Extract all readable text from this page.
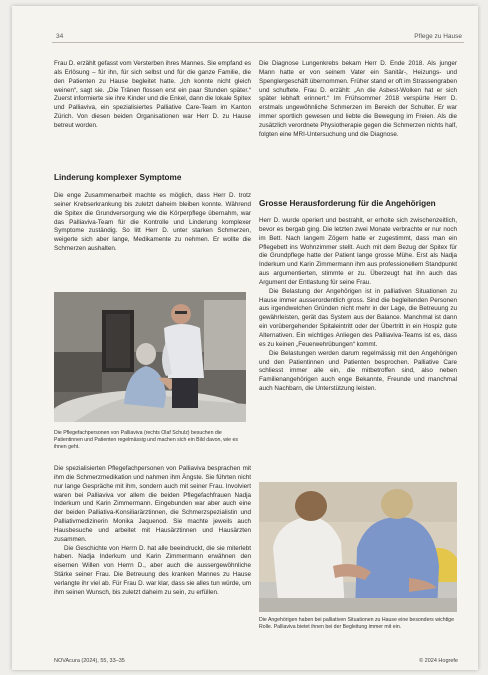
34	Pflege zu Hause

Frau D. erzählt gefasst vom Versterben ihres Mannes. Sie empfand es als Erlösung – für ihn, für sich selbst und für die ganze Familie, die den Patienten zu Hause begleitet hatte. „Ich konnte nicht gleich weinen“, sagt sie. „Die Tränen flossen erst ein paar Stunden später.“ Zuerst informierte sie ihre Kinder und die Enkel, dann die lokale Spitex und Palliaviva, ein spezialisiertes Palliative Care-Team im Kanton Zürich. Von diesen beiden Organisationen war Herr D. zu Hause betreut worden.

Linderung komplexer Symptome

Die enge Zusammenarbeit machte es möglich, dass Herr D. trotz seiner Krebserkrankung bis zuletzt daheim bleiben konnte. Während die Spitex die Grundversorgung wie die Körperpflege übernahm, war das Palliaviva-Team für die Kontrolle und Linderung komplexer Symptome zuständig. So litt Herr D. unter starken Schmerzen, weigerte sich aber lange, Medikamente zu nehmen. Er wollte die Schmerzen aushalten.

Die Pflegefachpersonen von Palliaviva (rechts Olaf Schulz) besuchen die Patientinnen und Patienten regelmässig und machen sich ein Bild davon, wie es ihnen geht.

Die spezialisierten Pflegefachpersonen von Palliaviva besprachen mit ihm die Schmerzmedikation und nahmen ihm Ängste. Sie führten nicht nur lange Gespräche mit ihm, sondern auch mit seiner Frau. Involviert waren bei Palliaviva vor allem die beiden Pflegefachfrauen Nadja Inderkum und Karin Zimmermann. Eingebunden war aber auch eine der beiden Palliativa-Konsiliarärztinnen, die Schmerzspezialistin und Palliativmedizinerin Monika Jaquenod. Sie machte jeweils auch Hausbesuche und arbeitet mit Hausärztinnen und Hausärzten zusammen.

Die Geschichte von Herrn D. hat alle beeindruckt, die sie miterlebt haben. Nadja Inderkum und Karin Zimmermann erwähnen den eisernen Willen von Herrn D., aber auch die aussergewöhnliche Stärke seiner Frau. Die Betreuung des kranken Mannes zu Hause verlangte ihr viel ab. Für Frau D. war klar, dass sie alles tun würde, um ihm seinen Wunsch, bis zuletzt daheim zu sein, zu erfüllen.

Die Diagnose Lungenkrebs bekam Herr D. Ende 2018. Als junger Mann hatte er von seinem Vater ein Sanitär-, Heizungs- und Spenglergeschäft übernommen. Früher stand er oft im Strassengraben und schuftete. Frau D. erzählt: „An die Asbest-Wolken hat er sich später lebhaft erinnert.“ Im Frühsommer 2018 verspürte Herr D. erstmals ungewöhnliche Schmerzen im Bereich der Schulter. Er war immer sportlich gewesen und liebte die Bewegung im Freien. Als die zusätzlich verordnete Physiotherapie gegen die Schmerzen nichts half, folgten eine MRI-Untersuchung und die Diagnose.

Grosse Herausforderung für die Angehörigen

Herr D. wurde operiert und bestrahlt, er erholte sich zwischenzeitlich, bevor es bergab ging. Die letzten zwei Monate verbrachte er nur noch im Bett. Nach langem Zögern hatte er zugestimmt, dass man ein Pflegebett ins Wohnzimmer stellt. Auch mit dem Bezug der Spitex für die Grundpflege hatte der Patient lange grosse Mühe. Erst als Nadja Inderkum und Karin Zimmermann ihm aus professionellem Standpunkt aus argumentierten, stimmte er zu. Überzeugt hat ihn auch das Argument der Entlastung für seine Frau.

Die Belastung der Angehörigen ist in palliativen Situationen zu Hause immer ausserordentlich gross. Sind die begleitenden Personen aus irgendwelchen Gründen nicht mehr in der Lage, die Betreuung zu gewährleisten, gerät das System aus der Balance. Manchmal ist dann ein vorübergehender Spitaleintritt oder der Übertritt in ein Hospiz gute Alternativen. Ein wichtiges Anliegen des Palliaviva-Teams ist es, dass es zu keinen „Feuerwehrübungen“ kommt.

Die Belastungen werden darum regelmässig mit den Angehörigen und den Patientinnen und Patienten besprochen. Palliative Care schliesst immer alle ein, die mitbetroffen sind, also neben Familienangehörigen auch enge Bekannte, Freunde und manchmal auch Nachbarn, die Unterstützung leisten.

Die Angehörigen haben bei palliativen Situationen zu Hause eine besonders wichtige Rolle. Palliaviva bietet ihnen bei der Begleitung immer mit ein.
NOVAcura (2024), 55, 33–35	© 2024 Hogrefe
